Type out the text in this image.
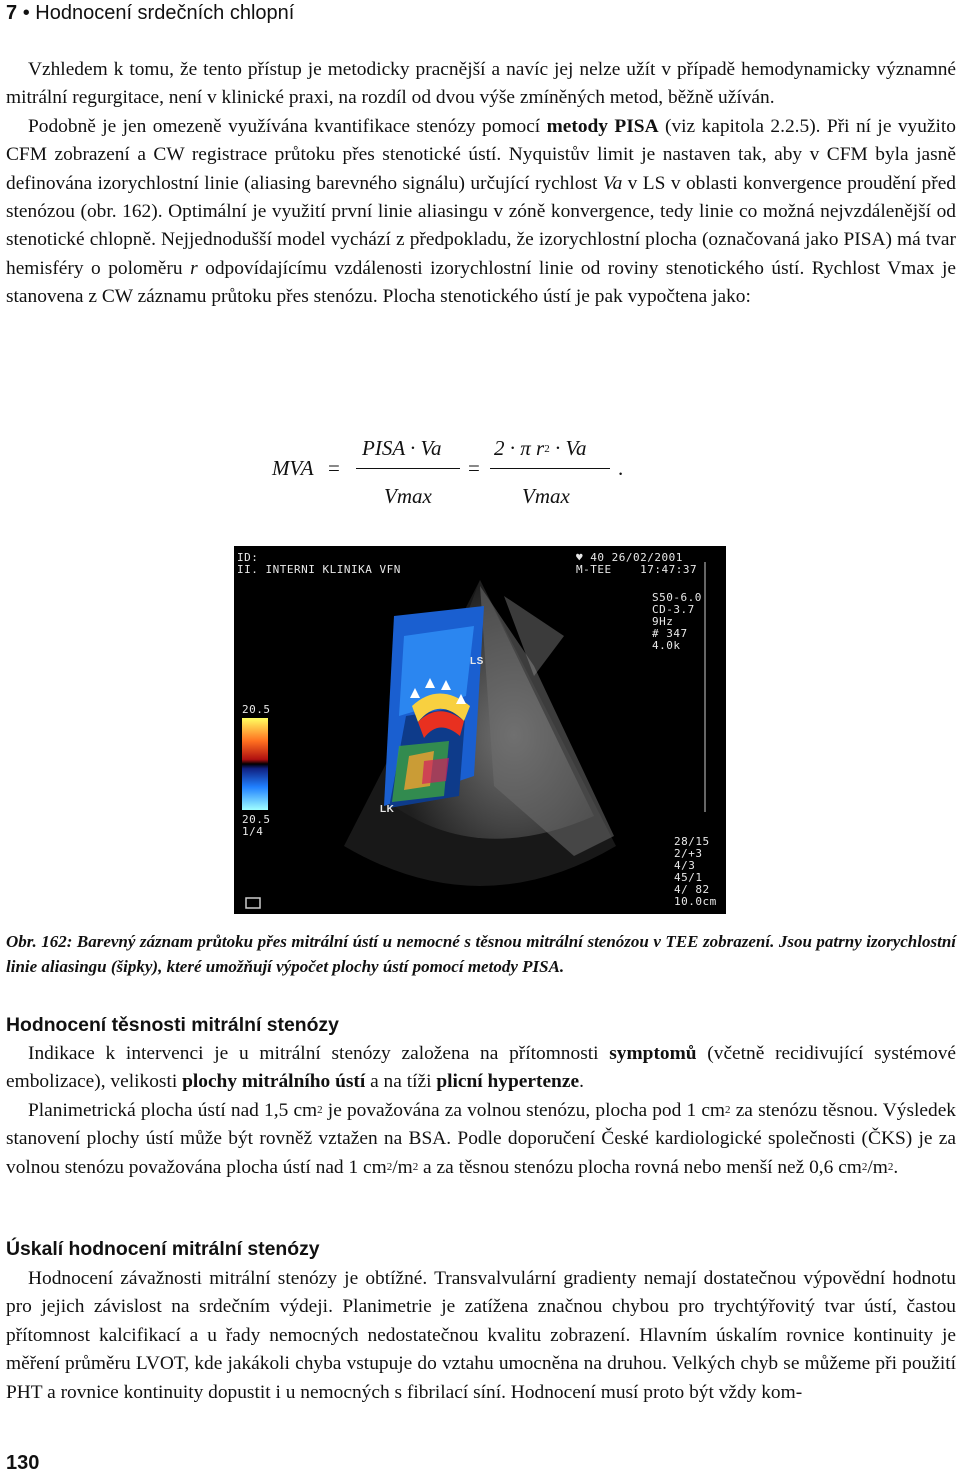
7 • Hodnocení srdečních chlopní

Vzhledem k tomu, že tento přístup je metodicky pracnější a navíc jej nelze užít v případě hemodynamicky významné mitrální regurgitace, není v klinické praxi, na rozdíl od dvou výše zmíněných metod, běžně užíván.
Podobně je jen omezeně využívána kvantifikace stenózy pomocí metody PISA (viz kapitola 2.2.5). Při ní je využito CFM zobrazení a CW registrace průtoku přes stenotické ústí. Nyquistův limit je nastaven tak, aby v CFM byla jasně definována izorychlostní linie (aliasing barevného signálu) určující rychlost Va v LS v oblasti konvergence proudění před stenózou (obr. 162). Optimální je využití první linie aliasingu v zóně konvergence, tedy linie co možná nejvzdálenější od stenotické chlopně. Nejjednodušší model vychází z předpokladu, že izorychlostní plocha (označovaná jako PISA) má tvar hemisféry o poloměru r odpovídajícímu vzdálenosti izorychlostní linie od roviny stenotického ústí. Rychlost Vmax je stanovena z CW záznamu průtoku přes stenózu. Plocha stenotického ústí je pak vypočtena jako:

MVA =
PISA · Va
Vmax
=
2 · π $r^2 \cdot Va$
Vmax
.
ID:
II. INTERNI KLINIKA VFN
♥ 40 26/02/2001
M-TEE    17:47:37
S50-6.0
CD-3.7
9Hz
# 347
4.0k
20.5
20.5
1/4
LS
LK
28/15
2/+3
4/3
45/1
4/ 82
10.0cm

Obr. 162: Barevný záznam průtoku přes mitrální ústí u nemocné s těsnou mitrální stenózou v TEE zobrazení. Jsou patrny izorychlostní linie aliasingu (šipky), které umožňují výpočet plochy ústí pomocí metody PISA.

Hodnocení těsnosti mitrální stenózy

Indikace k intervenci je u mitrální stenózy založena na přítomnosti symptomů (včetně recidivující systémové embolizace), velikosti plochy mitrálního ústí a na tíži plicní hypertenze.
Planimetrická plocha ústí nad 1,5 $cm^2$ je považována za volnou stenózu, plocha pod 1 $cm^2$ za stenózu těsnou. Výsledek stanovení plochy ústí může být rovněž vztažen na BSA. Podle doporučení České kardiologické společnosti (ČKS) je za volnou stenózu považována plocha ústí nad 1 $cm^2/m^2$ a za těsnou stenózu plocha rovná nebo menší než 0,6 $cm^2/m^2$.

Úskalí hodnocení mitrální stenózy

Hodnocení závažnosti mitrální stenózy je obtížné. Transvalvulární gradienty nemají dostatečnou výpovědní hodnotu pro jejich závislost na srdečním výdeji. Planimetrie je zatížena značnou chybou pro trychtýřovitý tvar ústí, častou přítomnost kalcifikací a u řady nemocných nedostatečnou kvalitu zobrazení. Hlavním úskalím rovnice kontinuity je měření průměru LVOT, kde jakákoli chyba vstupuje do vztahu umocněna na druhou. Velkých chyb se můžeme při použití PHT a rovnice kontinuity dopustit i u nemocných s fibrilací síní. Hodnocení musí proto být vždy kom-

130
